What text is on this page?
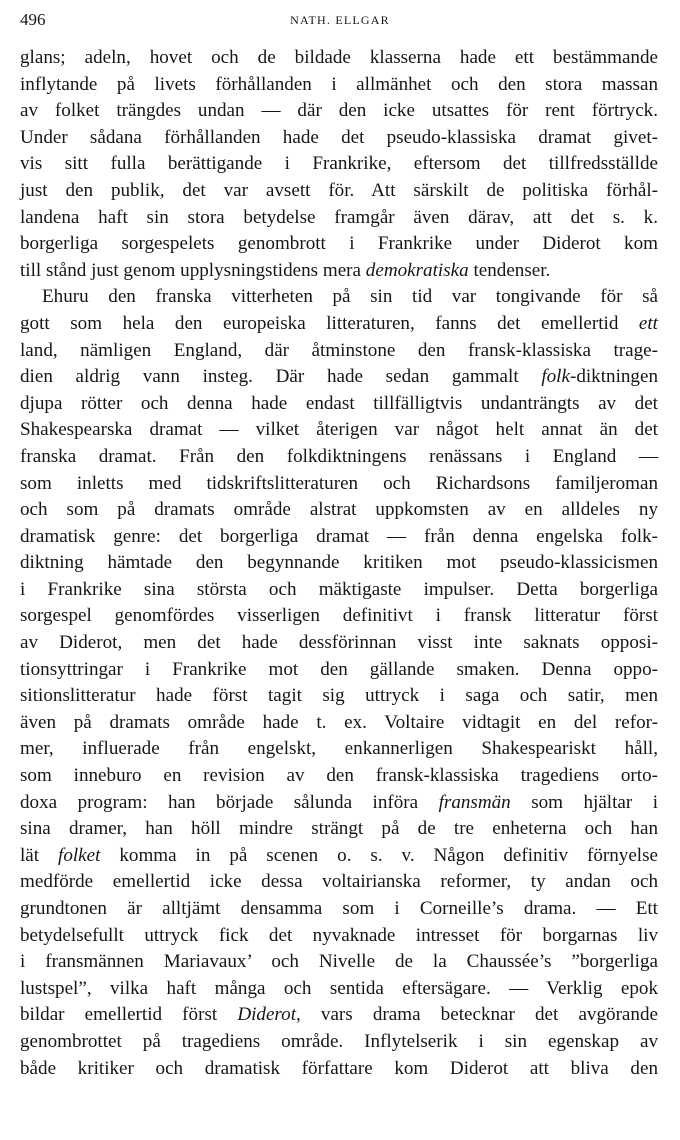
496	NATH. ELLGAR
glans; adeln, hovet och de bildade klasserna hade ett bestämmande
inflytande på livets förhållanden i allmänhet och den stora massan
av folket trängdes undan — där den icke utsattes för rent förtryck.
Under sådana förhållanden hade det pseudo-klassiska dramat givet-
vis sitt fulla berättigande i Frankrike, eftersom det tillfredsställde
just den publik, det var avsett för. Att särskilt de politiska förhål-
landena haft sin stora betydelse framgår även därav, att det s. k.
borgerliga sorgespelets genombrott i Frankrike under Diderot kom
till stånd just genom upplysningstidens mera demokratiska tendenser.
Ehuru den franska vitterheten på sin tid var tongivande för så
gott som hela den europeiska litteraturen, fanns det emellertid ett
land, nämligen England, där åtminstone den fransk-klassiska trage-
dien aldrig vann insteg. Där hade sedan gammalt folk-diktningen
djupa rötter och denna hade endast tillfälligtvis undanträngts av det
Shakespearska dramat — vilket återigen var något helt annat än det
franska dramat. Från den folkdiktningens renässans i England —
som inletts med tidskriftslitteraturen och Richardsons familjeroman
och som på dramats område alstrat uppkomsten av en alldeles ny
dramatisk genre: det borgerliga dramat — från denna engelska folk-
diktning hämtade den begynnande kritiken mot pseudo-klassicismen
i Frankrike sina största och mäktigaste impulser. Detta borgerliga
sorgespel genomfördes visserligen definitivt i fransk litteratur först
av Diderot, men det hade dessförinnan visst inte saknats opposi-
tionsyttringar i Frankrike mot den gällande smaken. Denna oppo-
sitionslitteratur hade först tagit sig uttryck i saga och satir, men
även på dramats område hade t. ex. Voltaire vidtagit en del refor-
mer, influerade från engelskt, enkannerligen Shakespeariskt håll,
som inneburo en revision av den fransk-klassiska tragediens orto-
doxa program: han började sålunda införa fransmän som hjältar i
sina dramer, han höll mindre strängt på de tre enheterna och han
lät folket komma in på scenen o. s. v. Någon definitiv förnyelse
medförde emellertid icke dessa voltairianska reformer, ty andan och
grundtonen är alltjämt densamma som i Corneille’s drama. — Ett
betydelsefullt uttryck fick det nyvaknade intresset för borgarnas liv
i fransmännen Mariavaux’ och Nivelle de la Chaussée’s ”borgerliga
lustspel”, vilka haft många och sentida eftersägare. — Verklig epok
bildar emellertid först Diderot, vars drama betecknar det avgörande
genombrottet på tragediens område. Inflytelserik i sin egenskap av
både kritiker och dramatisk författare kom Diderot att bliva den
